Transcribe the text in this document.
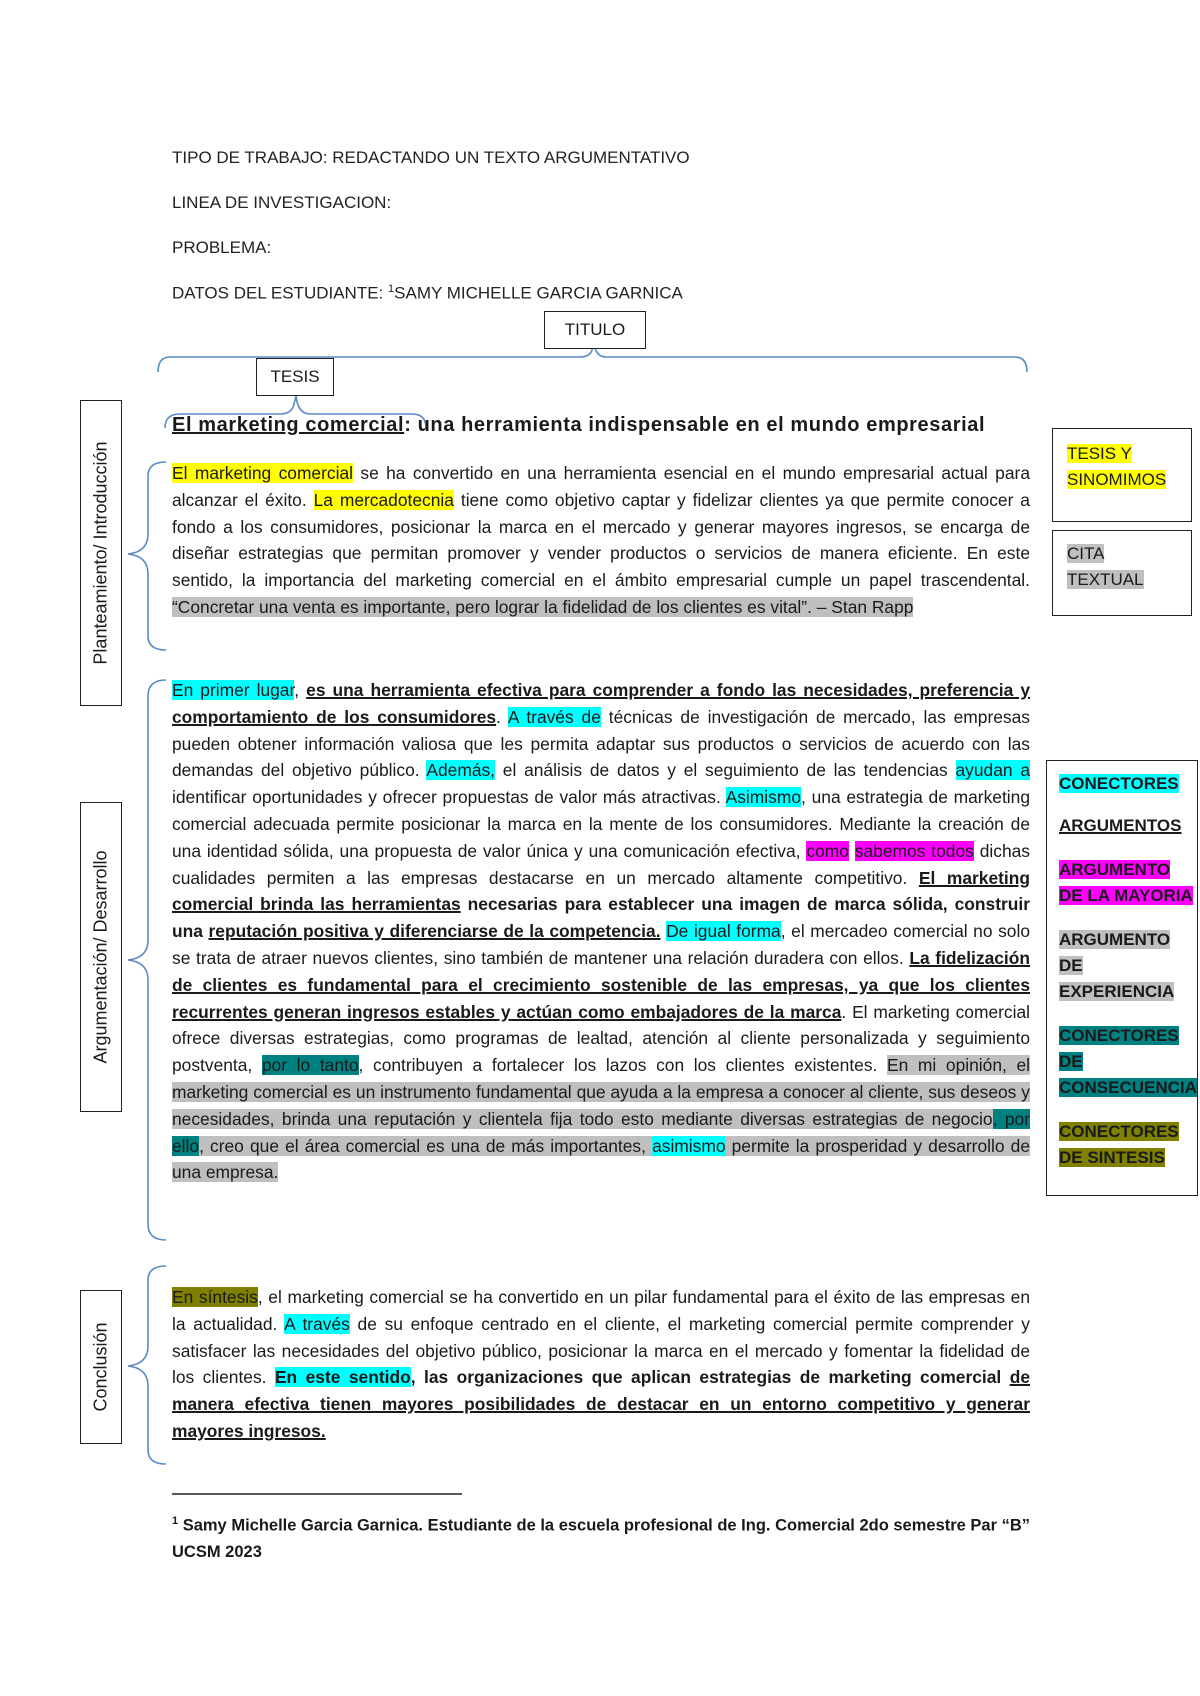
TIPO DE TRABAJO: REDACTANDO UN TEXTO ARGUMENTATIVO
LINEA DE INVESTIGACION:
PROBLEMA:
DATOS DEL ESTUDIANTE: $^1$SAMY MICHELLE GARCIA GARNICA
TITULO
TESIS
Planteamiento/ Introducción
Argumentación/ Desarrollo
Conclusión
El marketing comercial: una herramienta indispensable en el mundo empresarial
El marketing comercial se ha convertido en una herramienta esencial en el mundo empresarial actual para alcanzar el éxito. La mercadotecnia tiene como objetivo captar y fidelizar clientes ya que permite conocer a fondo a los consumidores, posicionar la marca en el mercado y generar mayores ingresos, se encarga de diseñar estrategias que permitan promover y vender productos o servicios de manera eficiente. En este sentido, la importancia del marketing comercial en el ámbito empresarial cumple un papel trascendental. “Concretar una venta es importante, pero lograr la fidelidad de los clientes es vital”. – Stan Rapp
En primer lugar, es una herramienta efectiva para comprender a fondo las necesidades, preferencia y comportamiento de los consumidores. A través de técnicas de investigación de mercado, las empresas pueden obtener información valiosa que les permita adaptar sus productos o servicios de acuerdo con las demandas del objetivo público. Además, el análisis de datos y el seguimiento de las tendencias ayudan a identificar oportunidades y ofrecer propuestas de valor más atractivas. Asimismo, una estrategia de marketing comercial adecuada permite posicionar la marca en la mente de los consumidores. Mediante la creación de una identidad sólida, una propuesta de valor única y una comunicación efectiva, como sabemos todos dichas cualidades permiten a las empresas destacarse en un mercado altamente competitivo. El marketing comercial brinda las herramientas necesarias para establecer una imagen de marca sólida, construir una reputación positiva y diferenciarse de la competencia. De igual forma, el mercadeo comercial no solo se trata de atraer nuevos clientes, sino también de mantener una relación duradera con ellos. La fidelización de clientes es fundamental para el crecimiento sostenible de las empresas, ya que los clientes recurrentes generan ingresos estables y actúan como embajadores de la marca. El marketing comercial ofrece diversas estrategias, como programas de lealtad, atención al cliente personalizada y seguimiento postventa, por lo tanto, contribuyen a fortalecer los lazos con los clientes existentes. En mi opinión, el marketing comercial es un instrumento fundamental que ayuda a la empresa a conocer al cliente, sus deseos y necesidades, brinda una reputación y clientela fija todo esto mediante diversas estrategias de negocio, por ello, creo que el área comercial es una de más importantes, asimismo permite la prosperidad y desarrollo de una empresa.
En síntesis, el marketing comercial se ha convertido en un pilar fundamental para el éxito de las empresas en la actualidad. A través de su enfoque centrado en el cliente, el marketing comercial permite comprender y satisfacer las necesidades del objetivo público, posicionar la marca en el mercado y fomentar la fidelidad de los clientes. En este sentido, las organizaciones que aplican estrategias de marketing comercial de manera efectiva tienen mayores posibilidades de destacar en un entorno competitivo y generar mayores ingresos.
TESIS Y SINOMIMOS
CITA TEXTUAL
CONECTORES
ARGUMENTOS
ARGUMENTO DE LA MAYORIA
ARGUMENTO DE EXPERIENCIA
CONECTORES DE CONSECUENCIA
CONECTORES DE SINTESIS
$^1$ Samy Michelle Garcia Garnica. Estudiante de la escuela profesional de Ing. Comercial 2do semestre Par “B” UCSM 2023
